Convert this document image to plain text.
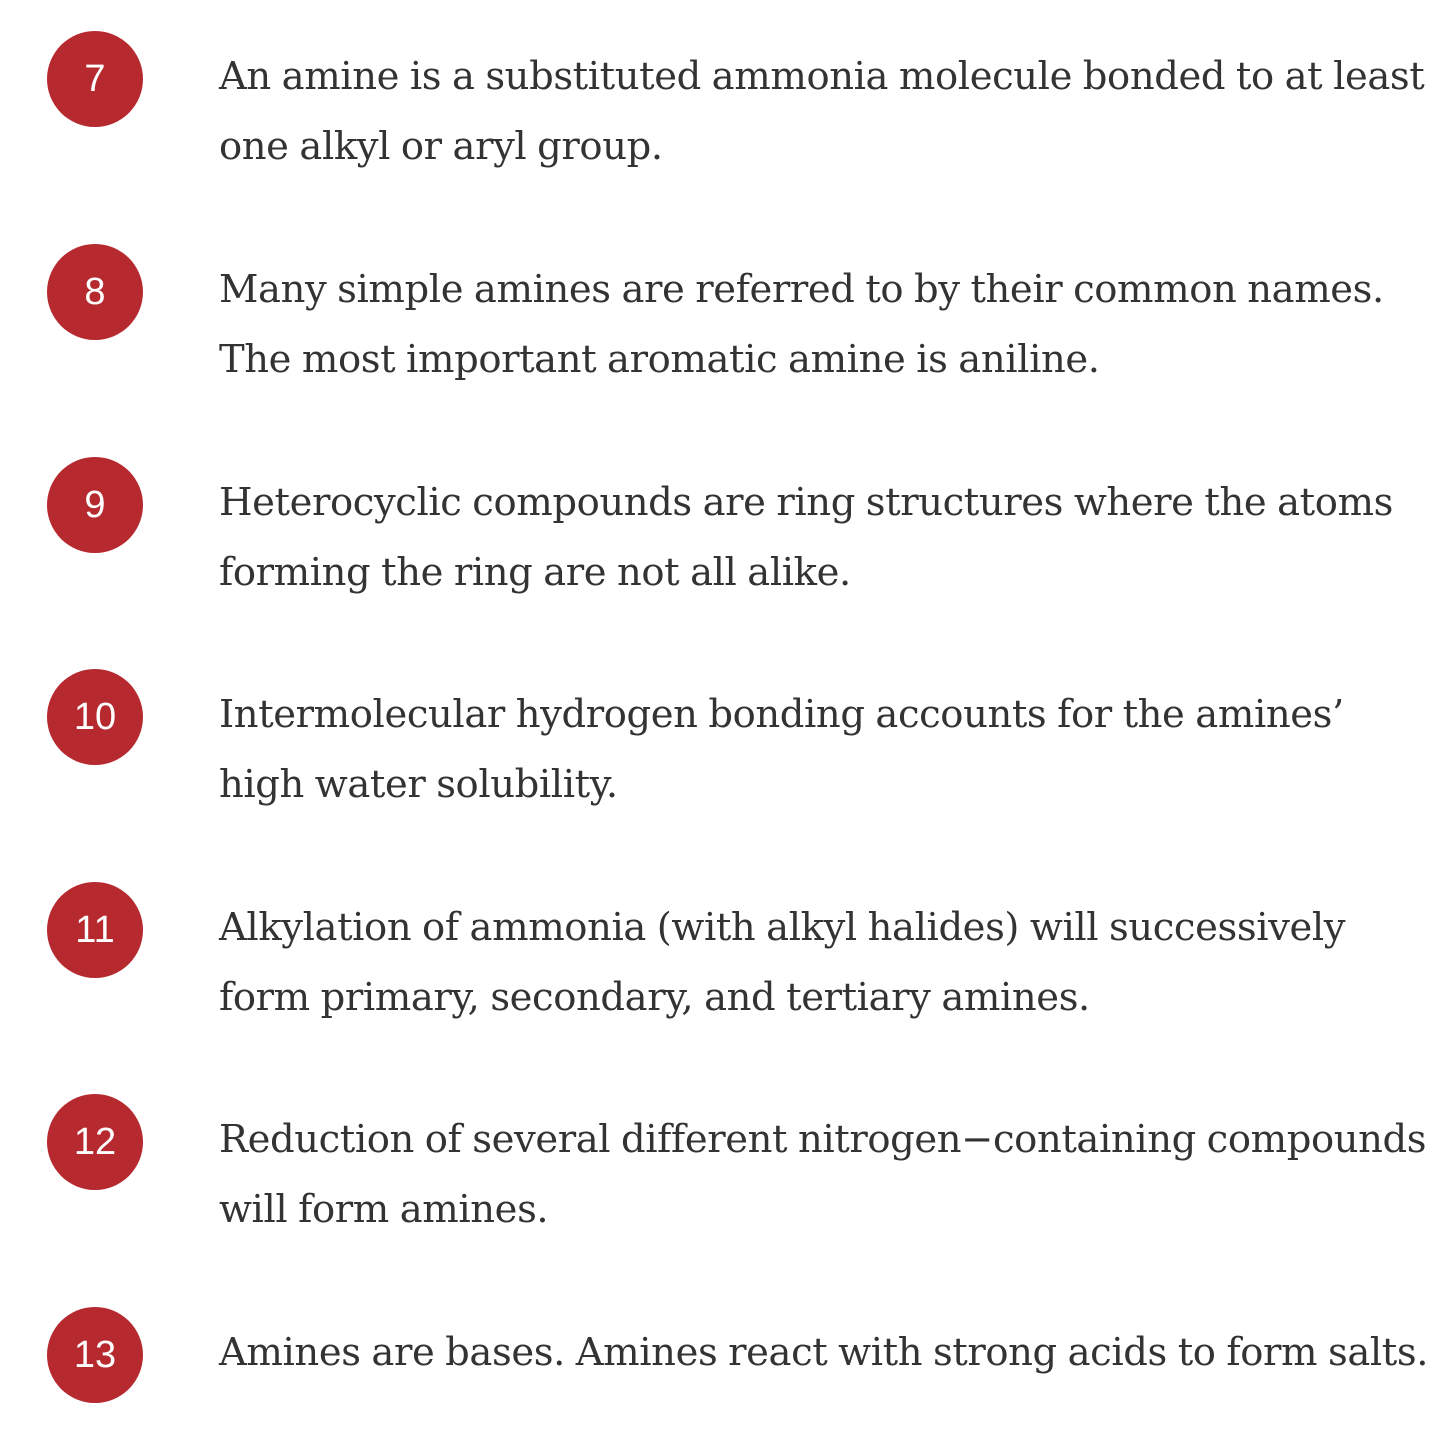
7	An amine is a substituted ammonia molecule bonded to at least one alkyl or aryl group.

8	Many simple amines are referred to by their common names. The most important aromatic amine is aniline.

9	Heterocyclic compounds are ring structures where the atoms forming the ring are not all alike.

10	Intermolecular hydrogen bonding accounts for the amines’ high water solubility.

11	Alkylation of ammonia (with alkyl halides) will successively form primary, secondary, and tertiary amines.

12	Reduction of several different nitrogen−containing compounds will form amines.

13	Amines are bases. Amines react with strong acids to form salts.
